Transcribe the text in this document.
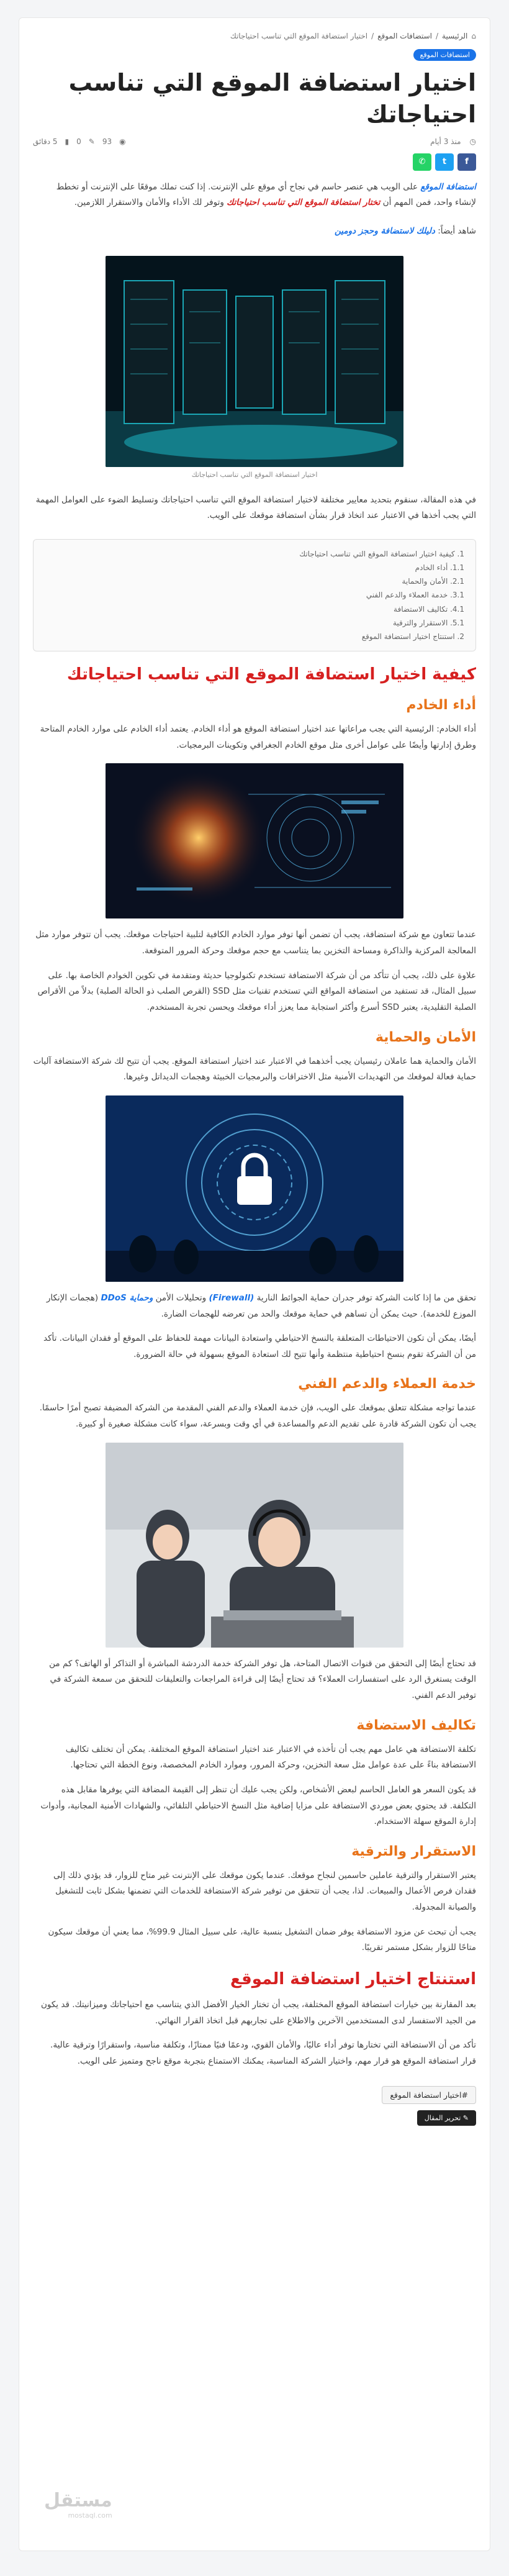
⌂
الرئيسية
/
استضافات الموقع
/
اختيار استضافة الموقع التي تناسب احتياجاتك
استضافات الموقع
اختيار استضافة الموقع التي تناسب احتياجاتك
◷
منذ 3 أيام
◉
93
✎
0
▮
5 دقائق
f
t
✆

استضافة الموقع على الويب هي عنصر حاسم في نجاح أي موقع على الإنترنت. إذا كنت تملك موقعًا على الإنترنت أو تخطط لإنشاء واحد، فمن المهم أن تختار استضافة الموقع التي تناسب احتياجاتك وتوفر لك الأداء والأمان والاستقرار اللازمين.

شاهد أيضاً: دليلك لاستضافة وحجز دومين

اختيار استضافة الموقع التي تناسب احتياجاتك

في هذه المقالة، سنقوم بتحديد معايير مختلفة لاختيار استضافة الموقع التي تناسب احتياجاتك وتسليط الضوء على العوامل المهمة التي يجب أخذها في الاعتبار عند اتخاذ قرار بشأن استضافة موقعك على الويب.

1. كيفية اختيار استضافة الموقع التي تناسب احتياجاتك
1.1. أداء الخادم
2.1. الأمان والحماية
3.1. خدمة العملاء والدعم الفني
4.1. تكاليف الاستضافة
5.1. الاستقرار والترقية
2. استنتاج اختيار استضافة الموقع
كيفية اختيار استضافة الموقع التي تناسب احتياجاتك
أداء الخادم

أداء الخادم: الرئيسية التي يجب مراعاتها عند اختيار استضافة الموقع هو أداء الخادم. يعتمد أداء الخادم على موارد الخادم المتاحة وطرق إدارتها وأيضًا على عوامل أخرى مثل موقع الخادم الجغرافي وتكوينات البرمجيات.

عندما تتعاون مع شركة استضافة، يجب أن تضمن أنها توفر موارد الخادم الكافية لتلبية احتياجات موقعك. يجب أن تتوفر موارد مثل المعالجة المركزية والذاكرة ومساحة التخزين بما يتناسب مع حجم موقعك وحركة المرور المتوقعة.

علاوة على ذلك، يجب أن تتأكد من أن شركة الاستضافة تستخدم تكنولوجيا حديثة ومتقدمة في تكوين الخوادم الخاصة بها. على سبيل المثال، قد تستفيد من استضافة المواقع التي تستخدم تقنيات مثل SSD (القرص الصلب ذو الحالة الصلبة) بدلاً من الأقراص الصلبة التقليدية، يعتبر SSD أسرع وأكثر استجابة مما يعزز أداء موقعك ويحسن تجربة المستخدم.

الأمان والحماية

الأمان والحماية هما عاملان رئيسيان يجب أخذهما في الاعتبار عند اختيار استضافة الموقع. يجب أن تتيح لك شركة الاستضافة آليات حماية فعالة لموقعك من التهديدات الأمنية مثل الاختراقات والبرمجيات الخبيثة وهجمات الديداتل وغيرها.

تحقق من ما إذا كانت الشركة توفر جدران حماية الجوائط النارية (Firewall) وتحليلات الأمن وحماية DDoS (هجمات الإنكار الموزع للخدمة). حيث يمكن أن تساهم في حماية موقعك والحد من تعرضه للهجمات الضارة.

أيضًا، يمكن أن تكون الاحتياطات المتعلقة بالنسخ الاحتياطي واستعادة البيانات مهمة للحفاظ على الموقع أو فقدان البيانات. تأكد من أن الشركة تقوم بنسخ احتياطية منتظمة وأنها تتيح لك استعادة الموقع بسهولة في حالة الضرورة.

خدمة العملاء والدعم الفني

عندما تواجه مشكلة تتعلق بموقعك على الويب، فإن خدمة العملاء والدعم الفني المقدمة من الشركة المضيفة تصبح أمرًا حاسمًا. يجب أن تكون الشركة قادرة على تقديم الدعم والمساعدة في أي وقت وبسرعة، سواء كانت مشكلة صغيرة أو كبيرة.

قد تحتاج أيضًا إلى التحقق من قنوات الاتصال المتاحة، هل توفر الشركة خدمة الدردشة المباشرة أو التذاكر أو الهاتف؟ كم من الوقت يستغرق الرد على استفسارات العملاء؟ قد تحتاج أيضًا إلى قراءة المراجعات والتعليقات للتحقق من سمعة الشركة في توفير الدعم الفني.

تكاليف الاستضافة

تكلفة الاستضافة هي عامل مهم يجب أن تأخذه في الاعتبار عند اختيار استضافة الموقع المختلفة. يمكن أن تختلف تكاليف الاستضافة بناءً على عدة عوامل مثل سعة التخزين، وحركة المرور، وموارد الخادم المخصصة، ونوع الخطة التي تحتاجها.

قد يكون السعر هو العامل الحاسم لبعض الأشخاص، ولكن يجب عليك أن تنظر إلى القيمة المضافة التي يوفرها مقابل هذه التكلفة. قد يحتوي بعض موردي الاستضافة على مزايا إضافية مثل النسخ الاحتياطي التلقائي، والشهادات الأمنية المجانية، وأدوات إدارة الموقع سهلة الاستخدام.

الاستقرار والترقية

يعتبر الاستقرار والترقية عاملين حاسمين لنجاح موقعك. عندما يكون موقعك على الإنترنت غير متاح للزوار، قد يؤدي ذلك إلى فقدان فرص الأعمال والمبيعات. لذا، يجب أن تتحقق من توفير شركة الاستضافة للخدمات التي تضمنها بشكل ثابت للتشغيل والصيانة المجدولة.

يجب أن تبحث عن مزود الاستضافة يوفر ضمان التشغيل بنسبة عالية، على سبيل المثال 99.9%، مما يعني أن موقعك سيكون متاحًا للزوار بشكل مستمر تقريبًا.

استنتاج اختيار استضافة الموقع

بعد المقارنة بين خيارات استضافة الموقع المختلفة، يجب أن تختار الخيار الأفضل الذي يتناسب مع احتياجاتك وميزانيتك. قد يكون من الجيد الاستفسار لدى المستخدمين الآخرين والاطلاع على تجاربهم قبل اتخاذ القرار النهائي.

تأكد من أن الاستضافة التي تختارها توفر أداء عاليًا، والأمان القوي، ودعمًا فنيًا ممتازًا، وتكلفة مناسبة، واستقرارًا وترقية عالية. قرار استضافة الموقع هو قرار مهم، واختيار الشركة المناسبة، يمكنك الاستمتاع بتجربة موقع ناجح ومتميز على الويب.

#اختيار استضافة الموقع
✎ تحرير المقال
مستقل
mostaql.com
